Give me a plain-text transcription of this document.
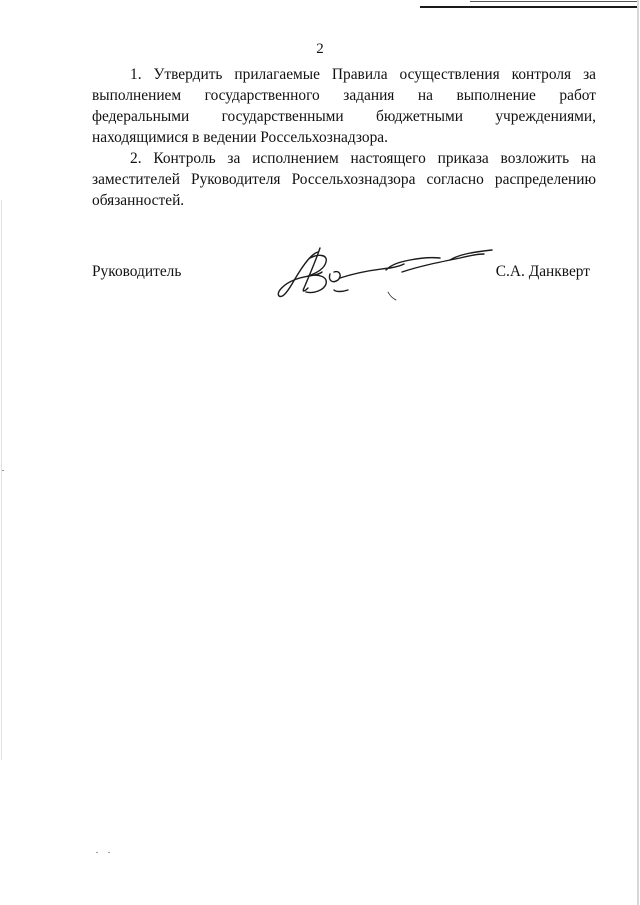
2

1. Утвердить прилагаемые Правила осуществления контроля за выполнением государственного задания на выполнение работ федеральными государственными бюджетными учреждениями, находящимися в ведении Россельхознадзора.

2. Контроль за исполнением настоящего приказа возложить на заместителей Руководителя Россельхознадзора согласно распределению обязанностей.

Руководитель	С.А. Данкверт
